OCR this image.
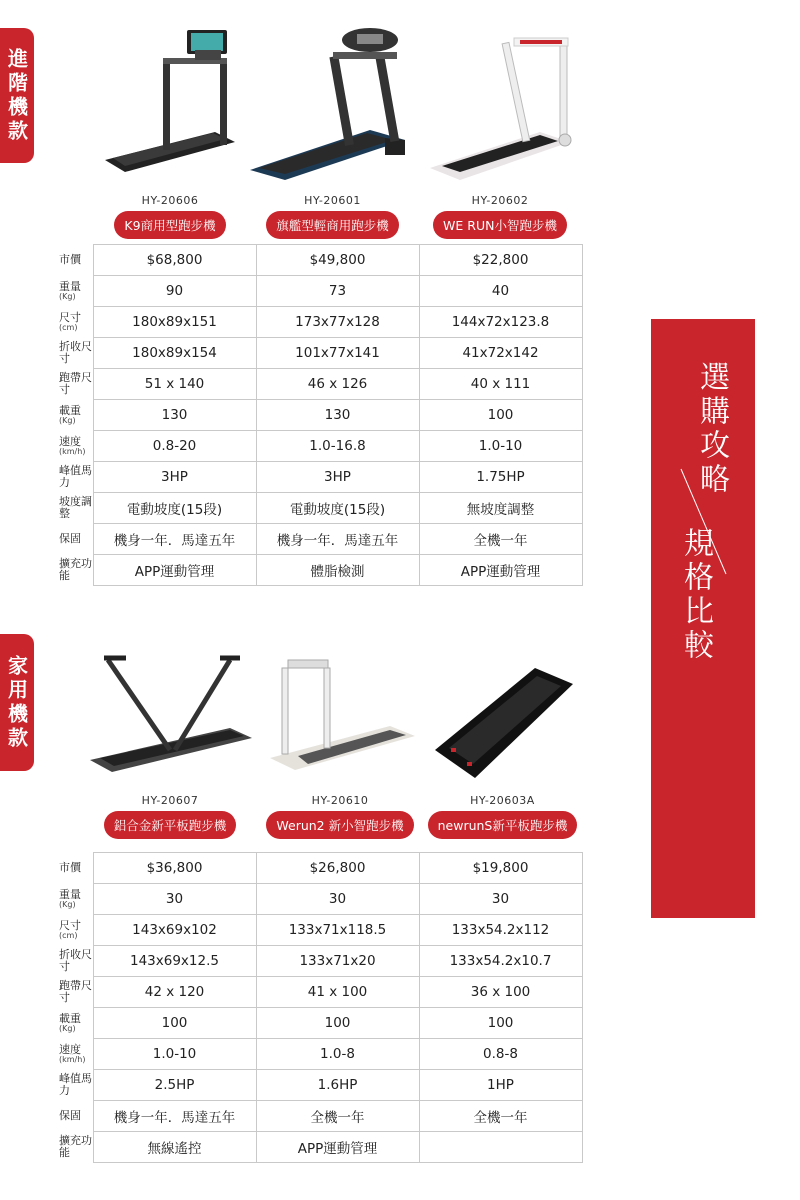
進階機款
家用機款
HY-20606
K9商用型跑步機
HY-20601
旗艦型輕商用跑步機
HY-20602
WE RUN小智跑步機
市價	$68,800	$49,800	$22,800
重量
(Kg)	90	73	40
尺寸
(cm)	180x89x151	173x77x128	144x72x123.8
折收尺寸	180x89x154	101x77x141	41x72x142
跑帶尺寸	51 x 140	46 x 126	40 x 111
載重
(Kg)	130	130	100
速度
(km/h)	0.8-20	1.0-16.8	1.0-10
峰值馬力	3HP	3HP	1.75HP
坡度調整	電動坡度(15段)	電動坡度(15段)	無坡度調整
保固	機身一年．馬達五年	機身一年．馬達五年	全機一年
擴充功能	APP運動管理	體脂檢測	APP運動管理
HY-20607
鋁合金新平板跑步機
HY-20610
Werun2 新小智跑步機
HY-20603A
newrunS新平板跑步機
市價	$36,800	$26,800	$19,800
重量
(Kg)	30	30	30
尺寸
(cm)	143x69x102	133x71x118.5	133x54.2x112
折收尺寸	143x69x12.5	133x71x20	133x54.2x10.7
跑帶尺寸	42 x 120	41 x 100	36 x 100
載重
(Kg)	100	100	100
速度
(km/h)	1.0-10	1.0-8	0.8-8
峰值馬力	2.5HP	1.6HP	1HP
保固	機身一年．馬達五年	全機一年	全機一年
擴充功能	無線遙控	APP運動管理	
選購攻略
規格比較
